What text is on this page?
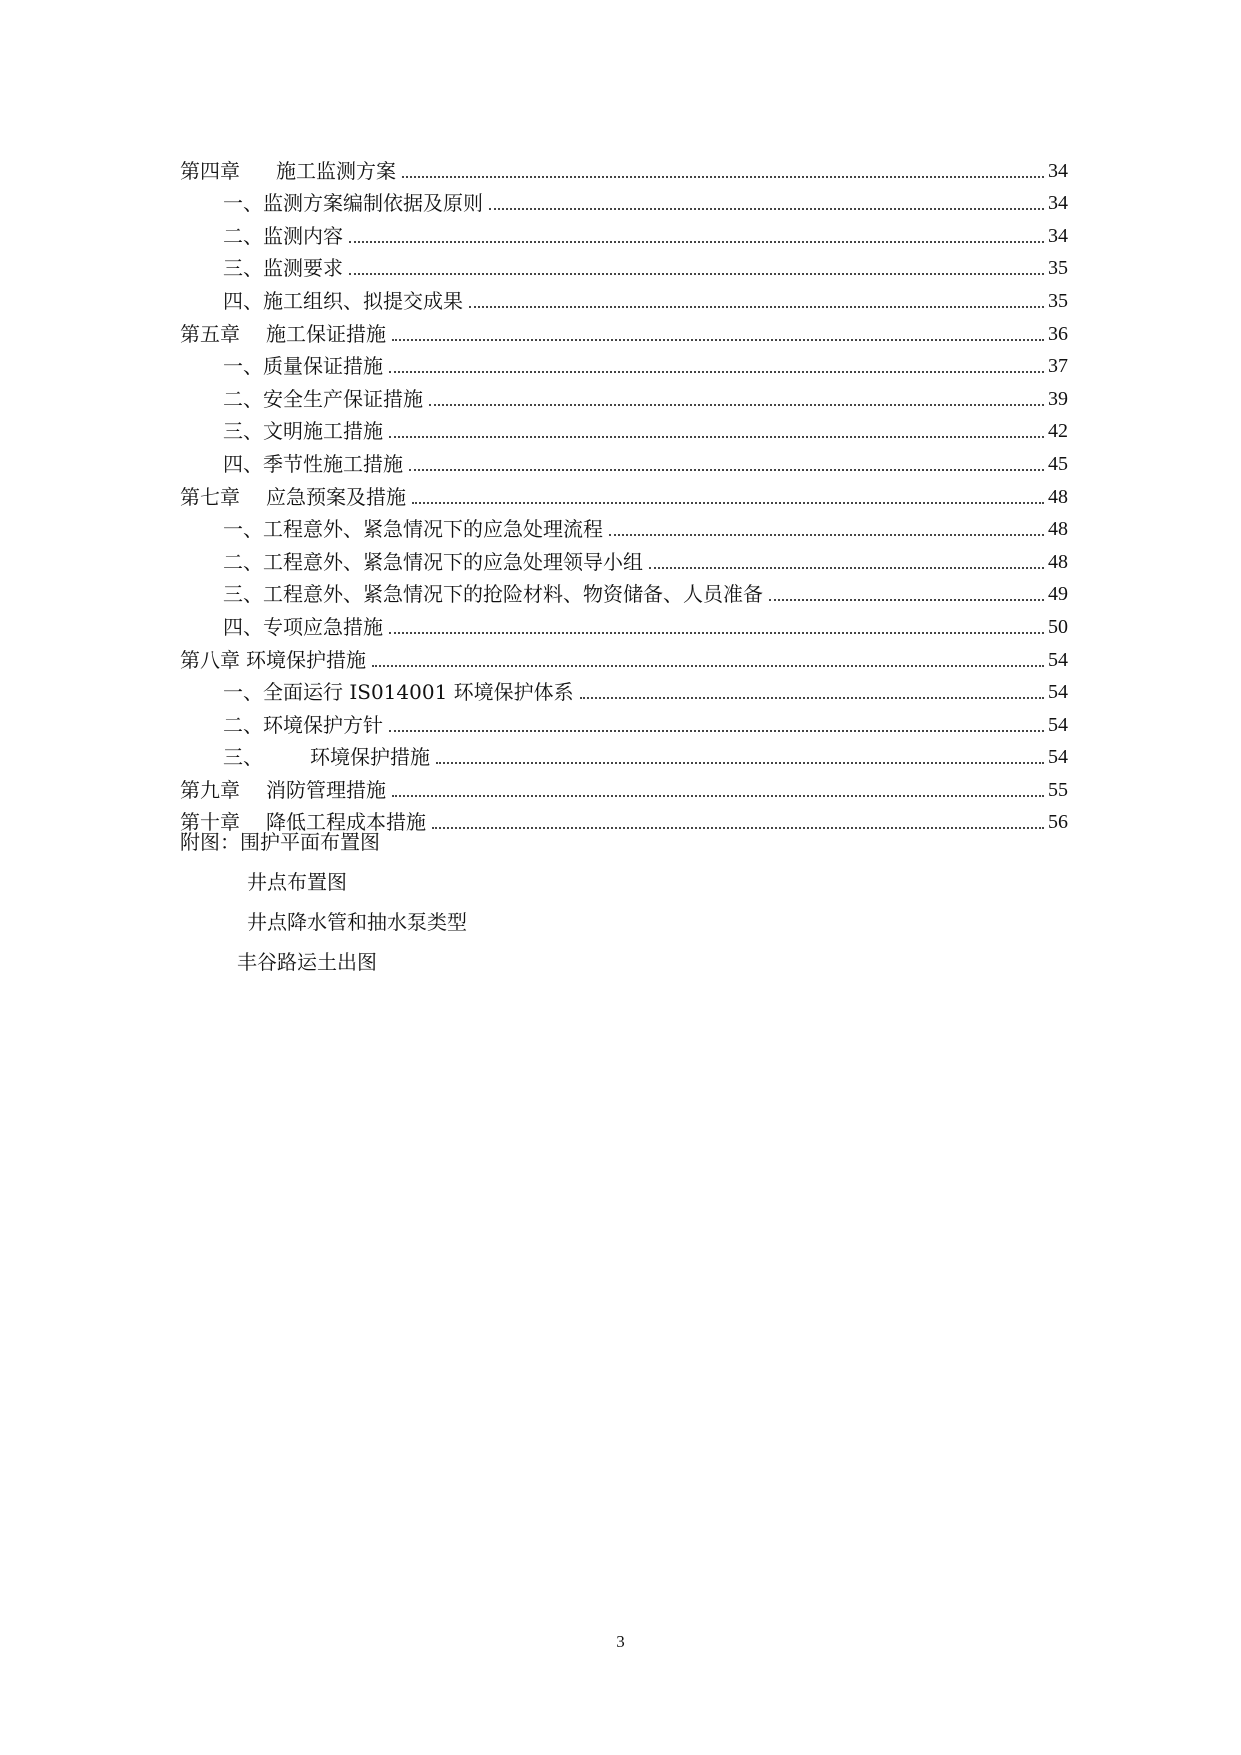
第四章	施工监测方案	34
一、 监测方案编制依据及原则	34
二、 监测内容	34
三、 监测要求	35
四、 施工组织、拟提交成果	35
第五章	施工保证措施	36
一、 质量保证措施	37
二、 安全生产保证措施	39
三、 文明施工措施	42
四、 季节性施工措施	45
第七章	应急预案及措施	48
一、 工程意外、紧急情况下的应急处理流程	48
二、 工程意外、紧急情况下的应急处理领导小组	48
三、 工程意外、紧急情况下的抢险材料、物资储备、人员准备	49
四、 专项应急措施	50
第八章 环境保护措施	54
一、 全面运行 IS014001 环境保护体系	54
二、 环境保护方针	54
三、	环境保护措施	54
第九章	消防管理措施	55
第十章	降低工程成本措施	56
附图：围护平面布置图
井点布置图
井点降水管和抽水泵类型
丰谷路运土出图
3
